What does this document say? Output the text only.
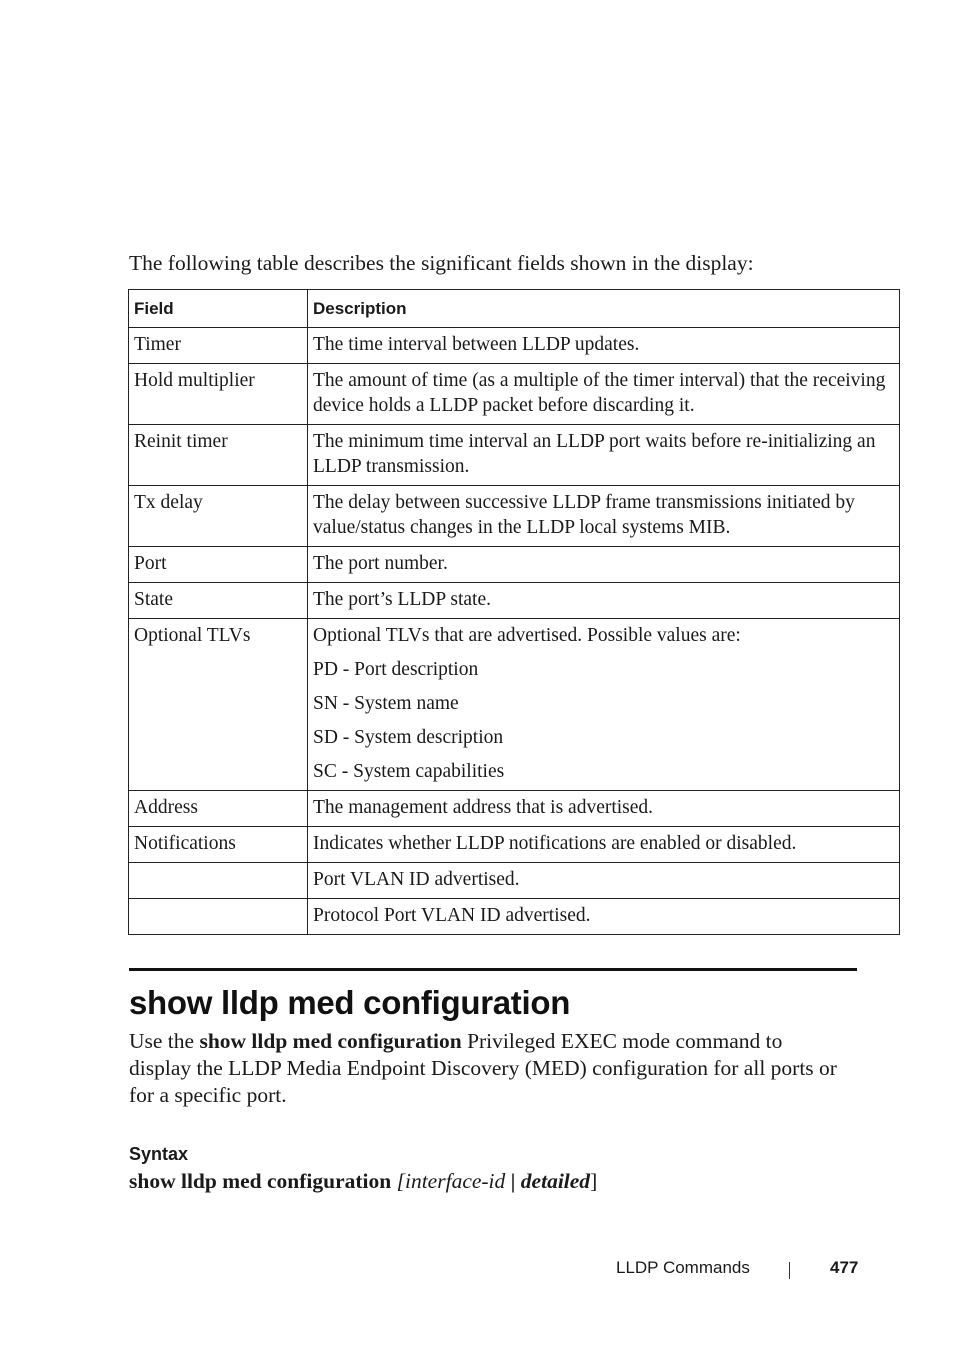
The following table describes the significant fields shown in the display:
Field	Description
Timer	The time interval between LLDP updates.

Hold multiplier	The amount of time (as a multiple of the timer interval) that the receiving device holds a LLDP packet before discarding it.

Reinit timer	The minimum time interval an LLDP port waits before re-initializing an LLDP transmission.

Tx delay	The delay between successive LLDP frame transmissions initiated by value/status changes in the LLDP local systems MIB.

Port	The port number.

State	The port’s LLDP state.

Optional TLVs	Optional TLVs that are advertised. Possible values are:
PD - Port description
SN - System name
SD - System description
SC - System capabilities

Address	The management address that is advertised.

Notifications	Indicates whether LLDP notifications are enabled or disabled.

	Port VLAN ID advertised.

	Protocol Port VLAN ID advertised.
show lldp med configuration

Use the show lldp med configuration Privileged EXEC mode command to display the LLDP Media Endpoint Discovery (MED) configuration for all ports or for a specific port.

Syntax
show lldp med configuration [interface-id | detailed]
LLDP Commands	477
